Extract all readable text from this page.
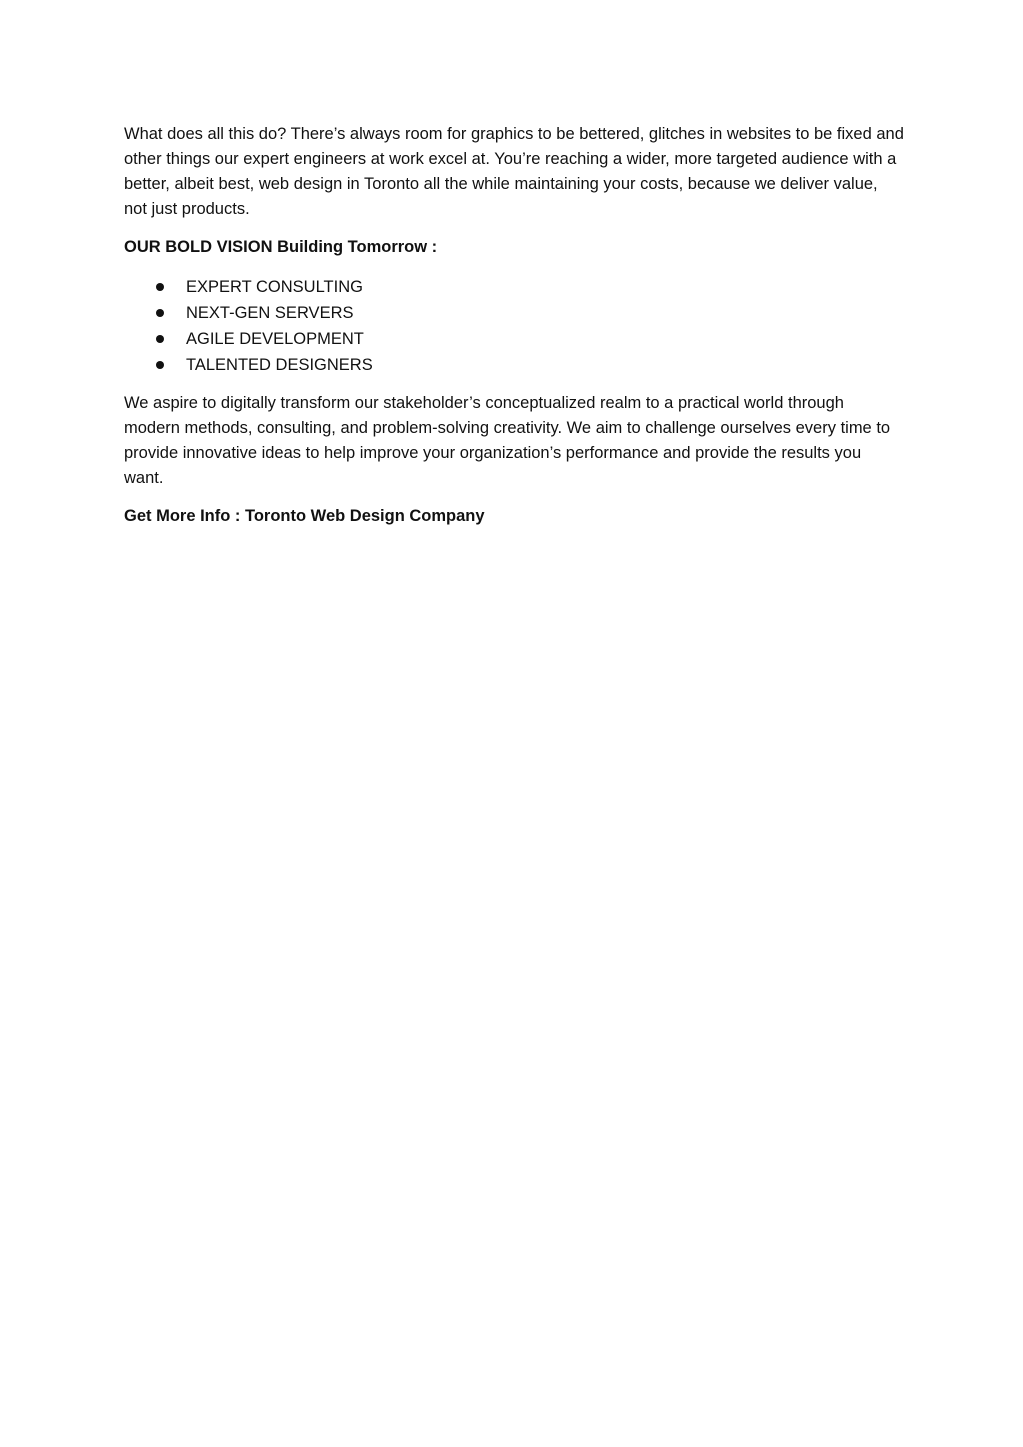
What does all this do? There’s always room for graphics to be bettered, glitches in websites to be fixed and other things our expert engineers at work excel at. You’re reaching a wider, more targeted audience with a better, albeit best, web design in Toronto all the while maintaining your costs, because we deliver value, not just products.

OUR BOLD VISION Building Tomorrow :

EXPERT CONSULTING
NEXT-GEN SERVERS
AGILE DEVELOPMENT
TALENTED DESIGNERS

We aspire to digitally transform our stakeholder’s conceptualized realm to a practical world through modern methods, consulting, and problem-solving creativity. We aim to challenge ourselves every time to provide innovative ideas to help improve your organization’s performance and provide the results you want.

Get More Info : Toronto Web Design Company
